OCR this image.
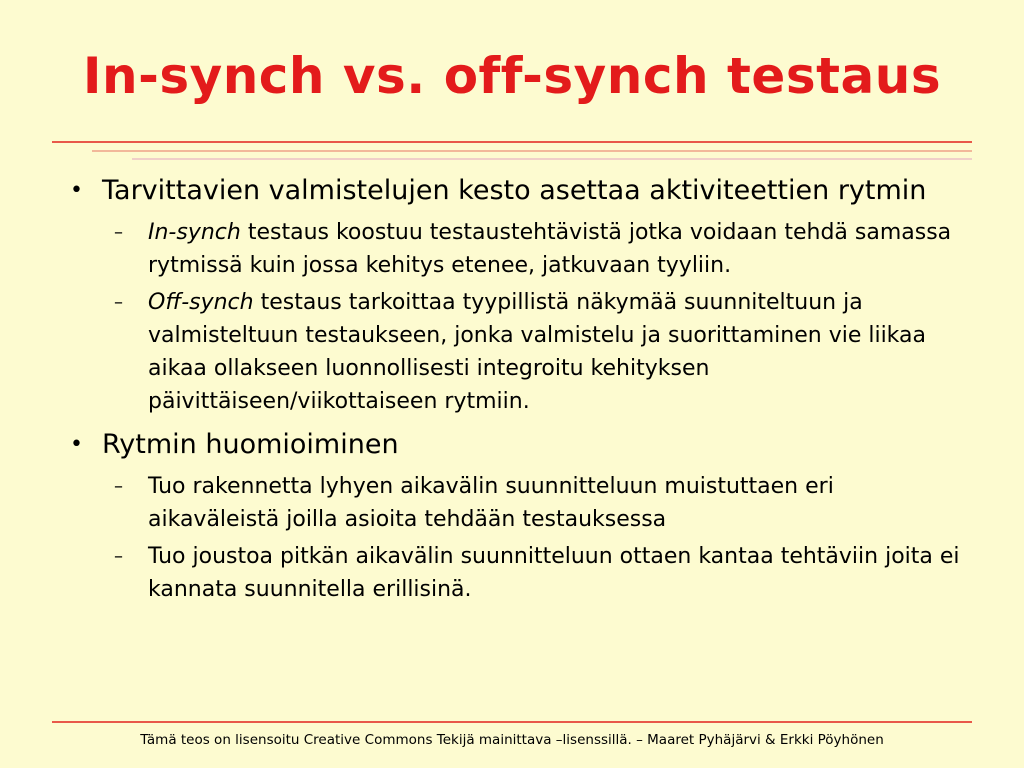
In-synch vs. off-synch testaus

• Tarvittavien valmistelujen kesto asettaa aktiviteettien rytmin

– In-synch testaus koostuu testaustehtävistä jotka voidaan tehdä samassa rytmissä kuin jossa kehitys etenee, jatkuvaan tyyliin.

– Off-synch testaus tarkoittaa tyypillistä näkymää suunniteltuun ja valmisteltuun testaukseen, jonka valmistelu ja suorittaminen vie liikaa aikaa ollakseen luonnollisesti integroitu kehityksen päivittäiseen/viikottaiseen rytmiin.

• Rytmin huomioiminen

– Tuo rakennetta lyhyen aikavälin suunnitteluun muistuttaen eri aikaväleistä joilla asioita tehdään testauksessa

– Tuo joustoa pitkän aikavälin suunnitteluun ottaen kantaa tehtäviin joita ei kannata suunnitella erillisinä.

Tämä teos on lisensoitu Creative Commons Tekijä mainittava –lisenssillä. – Maaret Pyhäjärvi & Erkki Pöyhönen
